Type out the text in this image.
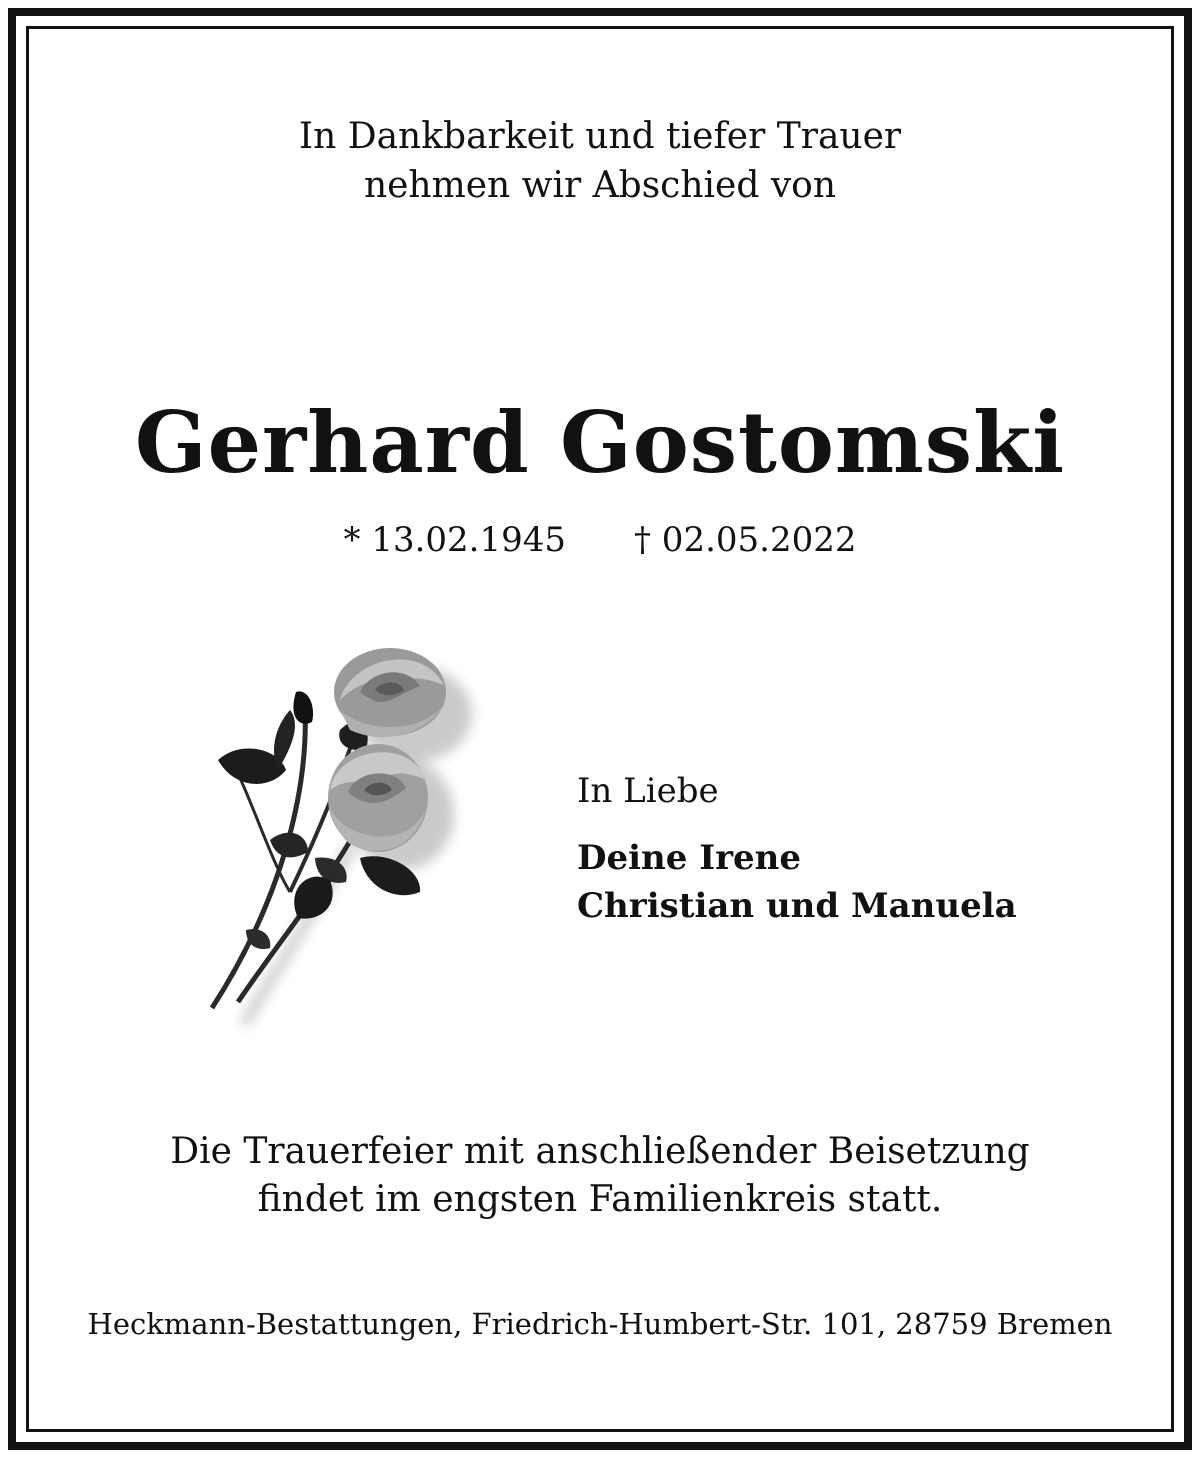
In Dankbarkeit und tiefer Trauer
nehmen wir Abschied von
Gerhard Gostomski
* 13.02.1945 † 02.05.2022
In Liebe
Deine Irene
Christian und Manuela
Die Trauerfeier mit anschließender Beisetzung
findet im engsten Familienkreis statt.
Heckmann-Bestattungen, Friedrich-Humbert-Str. 101, 28759 Bremen
